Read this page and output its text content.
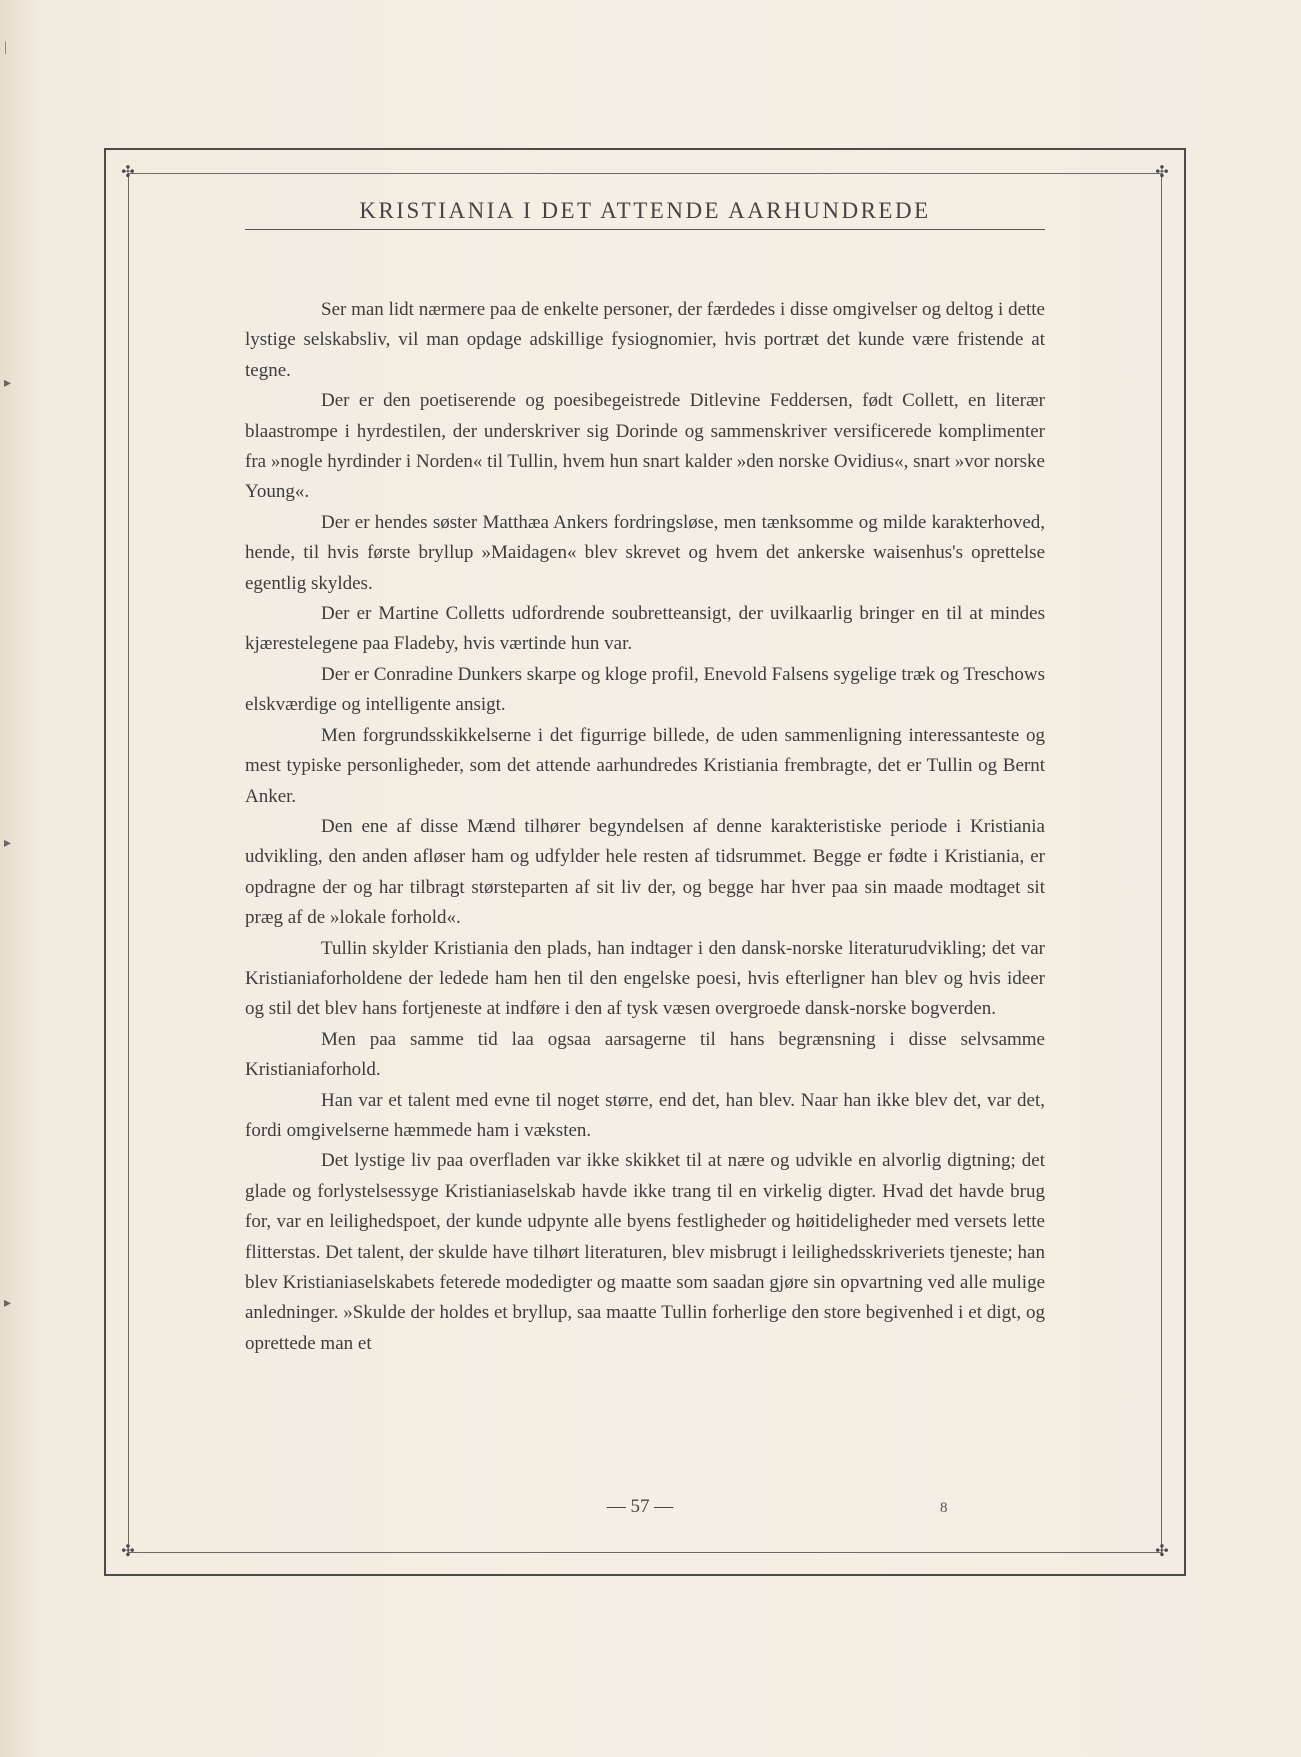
|
▸
▸
▸
✣	✣
✣	✣
KRISTIANIA I DET ATTENDE AARHUNDREDE

Ser man lidt nærmere paa de enkelte personer, der færdedes i disse omgivelser og deltog i dette lystige selskabsliv, vil man opdage adskillige fysiognomier, hvis portræt det kunde være fristende at tegne.

Der er den poetiserende og poesibegeistrede Ditlevine Feddersen, født Collett, en literær blaastrompe i hyrdestilen, der underskriver sig Dorinde og sammenskriver versificerede komplimenter fra »nogle hyrdinder i Norden« til Tullin, hvem hun snart kalder »den norske Ovidius«, snart »vor norske Young«.

Der er hendes søster Matthæa Ankers fordringsløse, men tænksomme og milde karakterhoved, hende, til hvis første bryllup »Maidagen« blev skrevet og hvem det ankerske waisenhus's oprettelse egentlig skyldes.

Der er Martine Colletts udfordrende soubretteansigt, der uvilkaarlig bringer en til at mindes kjærestelegene paa Fladeby, hvis værtinde hun var.

Der er Conradine Dunkers skarpe og kloge profil, Enevold Falsens sygelige træk og Treschows elskværdige og intelligente ansigt.

Men forgrundsskikkelserne i det figurrige billede, de uden sammenligning interessanteste og mest typiske personligheder, som det attende aarhundredes Kristiania frembragte, det er Tullin og Bernt Anker.

Den ene af disse Mænd tilhører begyndelsen af denne karakteristiske periode i Kristiania udvikling, den anden afløser ham og udfylder hele resten af tidsrummet. Begge er fødte i Kristiania, er opdragne der og har tilbragt størsteparten af sit liv der, og begge har hver paa sin maade modtaget sit præg af de »lokale forhold«.

Tullin skylder Kristiania den plads, han indtager i den dansk-norske literaturudvikling; det var Kristianiaforholdene der ledede ham hen til den engelske poesi, hvis efterligner han blev og hvis ideer og stil det blev hans fortjeneste at indføre i den af tysk væsen overgroede dansk-norske bogverden.

Men paa samme tid laa ogsaa aarsagerne til hans begrænsning i disse selvsamme Kristianiaforhold.

Han var et talent med evne til noget større, end det, han blev. Naar han ikke blev det, var det, fordi omgivelserne hæmmede ham i væksten.

Det lystige liv paa overfladen var ikke skikket til at nære og udvikle en alvorlig digtning; det glade og forlystelsessyge Kristianiaselskab havde ikke trang til en virkelig digter. Hvad det havde brug for, var en leilighedspoet, der kunde udpynte alle byens festligheder og høitideligheder med versets lette flitterstas. Det talent, der skulde have tilhørt literaturen, blev misbrugt i leilighedsskriveriets tjeneste; han blev Kristianiaselskabets feterede modedigter og maatte som saadan gjøre sin opvartning ved alle mulige anledninger. »Skulde der holdes et bryllup, saa maatte Tullin forherlige den store begivenhed i et digt, og oprettede man et

— 57 —	8
